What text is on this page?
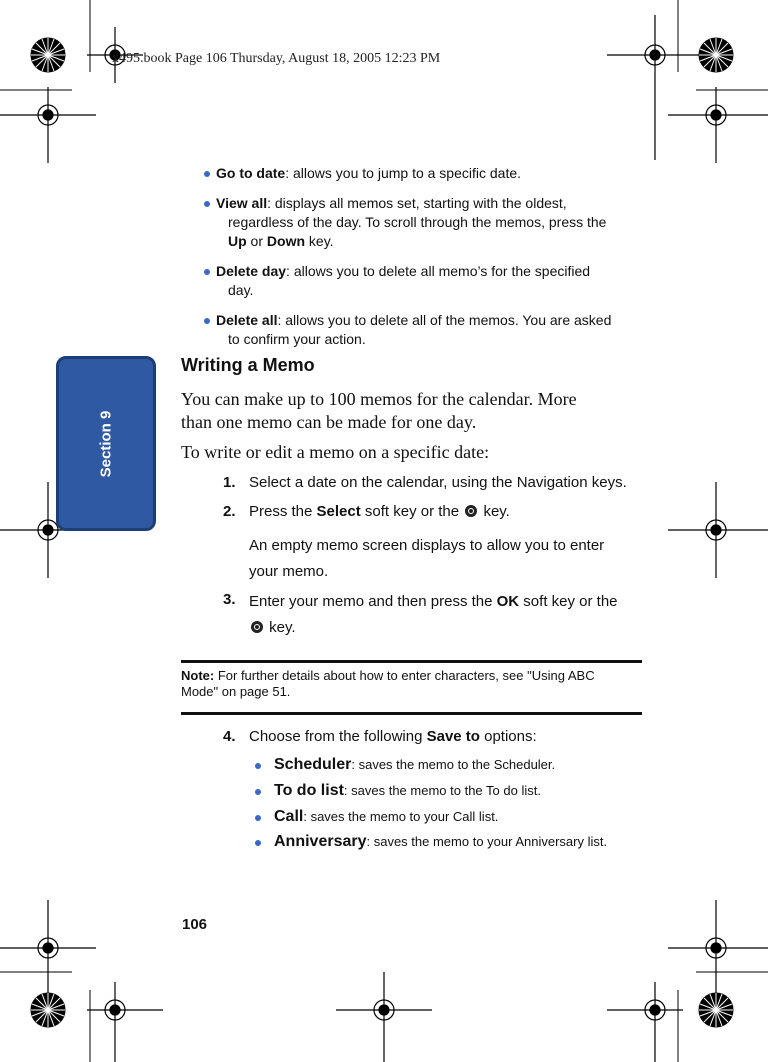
x495.book Page 106 Thursday, August 18, 2005 12:23 PM
Section 9

Go to date: allows you to jump to a specific date.

View all: displays all memos set, starting with the oldest,

regardless of the day. To scroll through the memos, press the

Up or Down key.

Delete day: allows you to delete all memo’s for the specified

day.

Delete all: allows you to delete all of the memos. You are asked

to confirm your action.

Writing a Memo
You can make up to 100 memos for the calendar. More
than one memo can be made for one day.
To write or edit a memo on a specific date:
1. Select a date on the calendar, using the Navigation keys.
2. Press the Select soft key or the  key.
An empty memo screen displays to allow you to enter
your memo.
3. Enter your memo and then press the OK soft key or the
key.
Note: For further details about how to enter characters, see "Using ABC
Mode" on page 51.
4. Choose from the following Save to options:
Scheduler: saves the memo to the Scheduler.
To do list: saves the memo to the To do list.
Call: saves the memo to your Call list.
Anniversary: saves the memo to your Anniversary list.
106
